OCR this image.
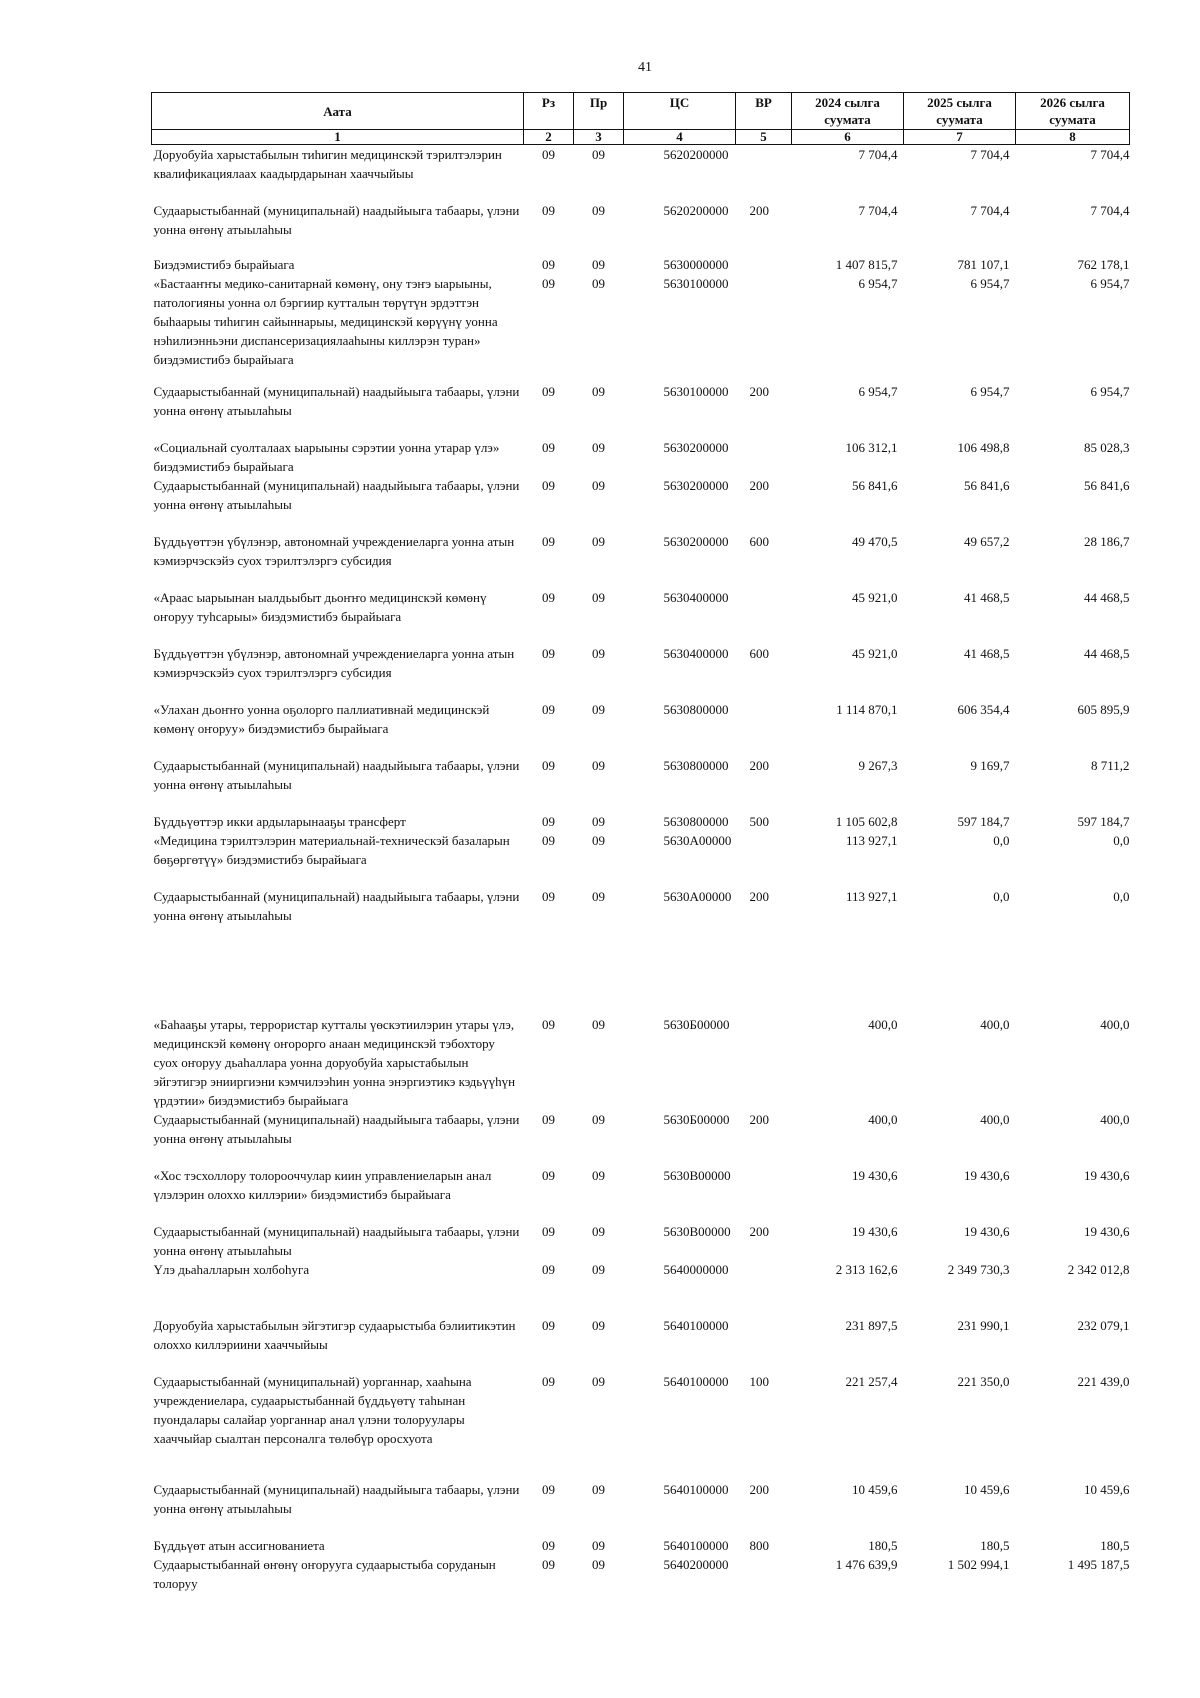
41
Аата	Рз	Пр	ЦС	ВР	2024 сылга суумата	2025 сылга суумата	2026 сылга суумата
1	2	3	4	5	6	7	8
Доруобуйа харыстабылын тиһигин медицинскэй тэрилтэлэрин квалификациялаах каадырдарынан хааччыйыы	09	09	5620200000		7 704,4	7 704,4	7 704,4
Судаарыстыбаннай (муниципальнай) наадыйыыга табаары, үлэни уонна өҥөнү атыылаһыы	09	09	5620200000	200	7 704,4	7 704,4	7 704,4
Биэдэмистибэ бырайыага	09	09	5630000000		1 407 815,7	781 107,1	762 178,1
«Бастааҥҥы медико-санитарнай көмөнү, ону тэҥэ ыарыыны, патологияны уонна ол бэргиир кутталын төрүтүн эрдэттэн быһаарыы тиһигин сайыннарыы, медицинскэй көрүүнү уонна нэһилиэнньэни диспансеризациялааһыны киллэрэн туран» биэдэмистибэ бырайыага	09	09	5630100000		6 954,7	6 954,7	6 954,7
Судаарыстыбаннай (муниципальнай) наадыйыыга табаары, үлэни уонна өҥөнү атыылаһыы	09	09	5630100000	200	6 954,7	6 954,7	6 954,7
«Социальнай суолталаах ыарыыны сэрэтии уонна утарар үлэ» биэдэмистибэ бырайыага	09	09	5630200000		106 312,1	106 498,8	85 028,3
Судаарыстыбаннай (муниципальнай) наадыйыыга табаары, үлэни уонна өҥөнү атыылаһыы	09	09	5630200000	200	56 841,6	56 841,6	56 841,6
Бүддьүөттэн үбүлэнэр, автономнай учреждениеларга уонна атын кэмиэрчэскэйэ суох тэрилтэлэргэ субсидия	09	09	5630200000	600	49 470,5	49 657,2	28 186,7
«Араас ыарыынан ыалдьыбыт дьоҥҥо медицинскэй көмөнү оҥоруу туһсарыы» биэдэмистибэ бырайыага	09	09	5630400000		45 921,0	41 468,5	44 468,5
Бүддьүөттэн үбүлэнэр, автономнай учреждениеларга уонна атын кэмиэрчэскэйэ суох тэрилтэлэргэ субсидия	09	09	5630400000	600	45 921,0	41 468,5	44 468,5
«Улахан дьоҥҥо уонна оҕолорго паллиативнай медицинскэй көмөнү оҥоруу» биэдэмистибэ бырайыага	09	09	5630800000		1 114 870,1	606 354,4	605 895,9
Судаарыстыбаннай (муниципальнай) наадыйыыга табаары, үлэни уонна өҥөнү атыылаһыы	09	09	5630800000	200	9 267,3	9 169,7	8 711,2
Бүддьүөттэр икки ардыларынааҕы трансферт	09	09	5630800000	500	1 105 602,8	597 184,7	597 184,7
«Медицина тэрилтэлэрин материальнай-техническэй базаларын бөҕөргөтүү» биэдэмистибэ бырайыага	09	09	5630А00000		113 927,1	0,0	0,0
Судаарыстыбаннай (муниципальнай) наадыйыыга табаары, үлэни уонна өҥөнү атыылаһыы	09	09	5630А00000	200	113 927,1	0,0	0,0
«Баһааҕы утары, террористар кутталы үөскэтиилэрин утары үлэ, медицинскэй көмөнү оҥорорго анаан медицинскэй тэбохтору суох оҥоруу дьаһаллара уонна доруобуйа харыстабылын эйгэтигэр энииргиэни кэмчилээһин уонна энэргиэтикэ кэдьүүһүн үрдэтии» биэдэмистибэ бырайыага	09	09	5630Б00000		400,0	400,0	400,0
Судаарыстыбаннай (муниципальнай) наадыйыыга табаары, үлэни уонна өҥөнү атыылаһыы	09	09	5630Б00000	200	400,0	400,0	400,0
«Хос тэсхоллору толорооччулар киин управлениеларын анал үлэлэрин олоххо киллэрии» биэдэмистибэ бырайыага	09	09	5630В00000		19 430,6	19 430,6	19 430,6
Судаарыстыбаннай (муниципальнай) наадыйыыга табаары, үлэни уонна өҥөнү атыылаһыы	09	09	5630В00000	200	19 430,6	19 430,6	19 430,6
Үлэ дьаһалларын холбоһуга	09	09	5640000000		2 313 162,6	2 349 730,3	2 342 012,8
Доруобуйа харыстабылын эйгэтигэр судаарыстыба бэлиитикэтин олоххо киллэриини хааччыйыы	09	09	5640100000		231 897,5	231 990,1	232 079,1
Судаарыстыбаннай (муниципальнай) уорганнар, хааһына учреждениелара, судаарыстыбаннай бүддьүөтү таһынан пуондалары салайар уорганнар анал үлэни толоруулары хааччыйар сыалтан персоналга төлөбүр оросхуота	09	09	5640100000	100	221 257,4	221 350,0	221 439,0
Судаарыстыбаннай (муниципальнай) наадыйыыга табаары, үлэни уонна өҥөнү атыылаһыы	09	09	5640100000	200	10 459,6	10 459,6	10 459,6
Бүддьүөт атын ассигнованиета	09	09	5640100000	800	180,5	180,5	180,5
Судаарыстыбаннай өҥөнү оҥорууга судаарыстыба соруданын толоруу	09	09	5640200000		1 476 639,9	1 502 994,1	1 495 187,5
